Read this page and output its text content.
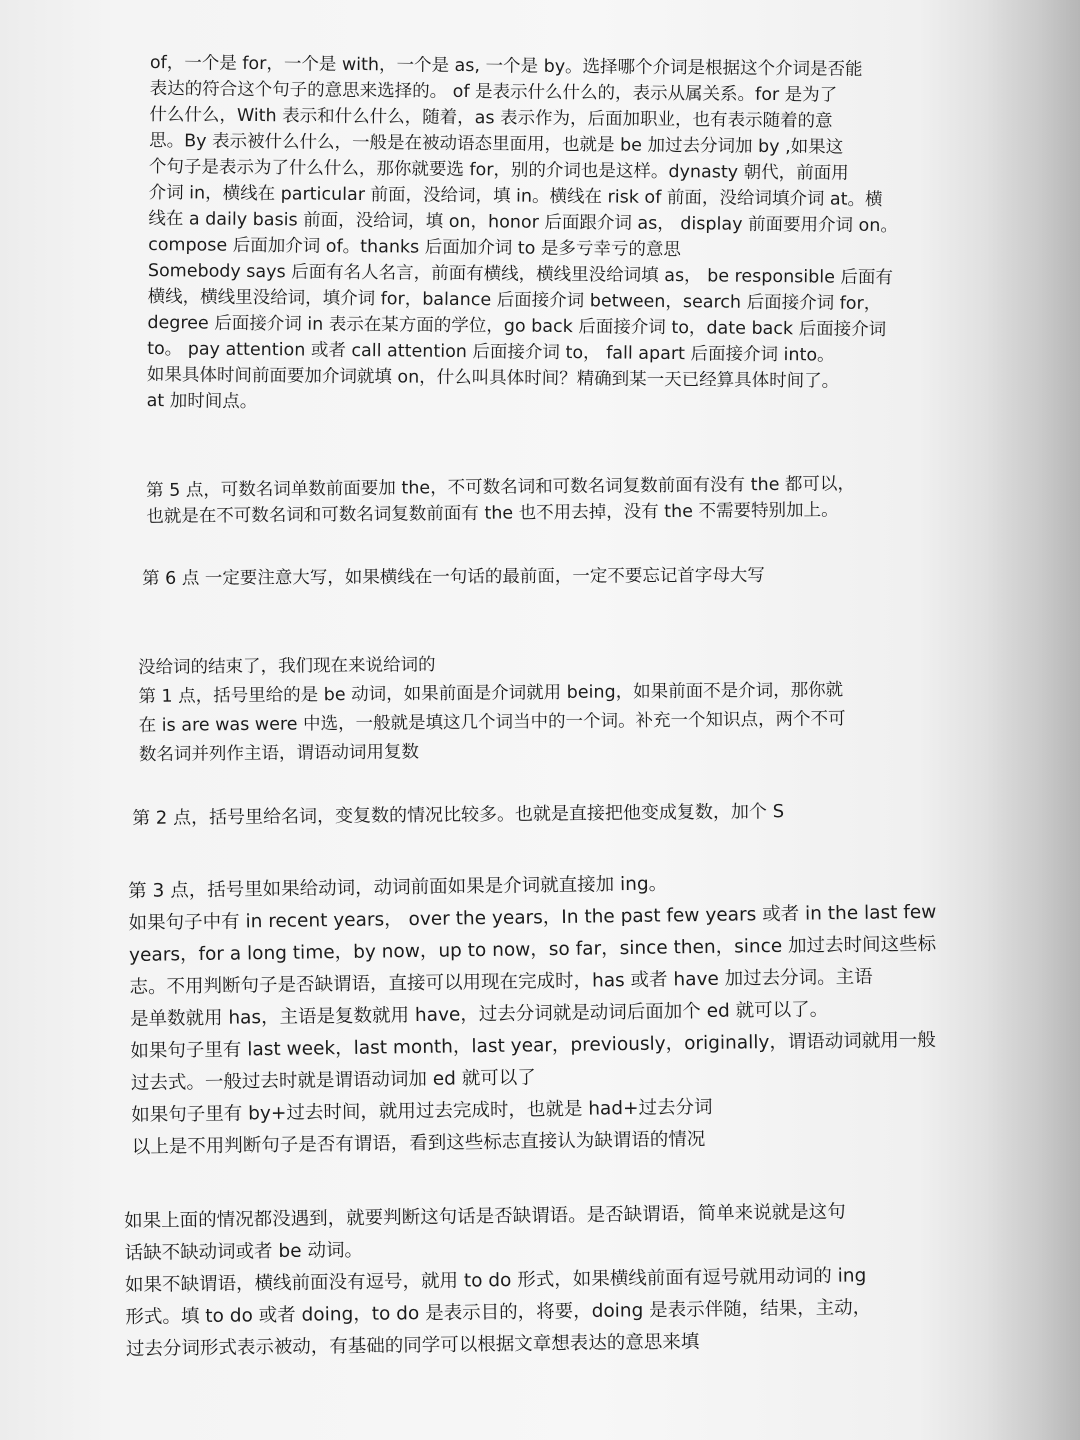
of，一个是 for，一个是 with，一个是 as, 一个是 by。选择哪个介词是根据这个介词是否能
表达的符合这个句子的意思来选择的。 of 是表示什么什么的，表示从属关系。for 是为了
什么什么，With 表示和什么什么，随着，as 表示作为，后面加职业，也有表示随着的意
思。By 表示被什么什么，一般是在被动语态里面用，也就是 be 加过去分词加 by ,如果这
个句子是表示为了什么什么，那你就要选 for，别的介词也是这样。dynasty 朝代，前面用
介词 in，横线在 particular 前面，没给词，填 in。横线在 risk of 前面，没给词填介词 at。横
线在 a daily basis 前面，没给词，填 on，honor 后面跟介词 as， display 前面要用介词 on。
compose 后面加介词 of。thanks 后面加介词 to 是多亏幸亏的意思
Somebody says 后面有名人名言，前面有横线，横线里没给词填 as， be responsible 后面有
横线，横线里没给词，填介词 for，balance 后面接介词 between，search 后面接介词 for，
degree 后面接介词 in 表示在某方面的学位，go back 后面接介词 to，date back 后面接介词
to。 pay attention 或者 call attention 后面接介词 to， fall apart 后面接介词 into。
如果具体时间前面要加介词就填 on，什么叫具体时间？精确到某一天已经算具体时间了。
at 加时间点。

第 5 点，可数名词单数前面要加 the，不可数名词和可数名词复数前面有没有 the 都可以，
也就是在不可数名词和可数名词复数前面有 the 也不用去掉，没有 the 不需要特别加上。

第 6 点 一定要注意大写，如果横线在一句话的最前面，一定不要忘记首字母大写

没给词的结束了，我们现在来说给词的
第 1 点，括号里给的是 be 动词，如果前面是介词就用 being，如果前面不是介词，那你就
在 is are was were 中选，一般就是填这几个词当中的一个词。补充一个知识点，两个不可
数名词并列作主语，谓语动词用复数

第 2 点，括号里给名词，变复数的情况比较多。也就是直接把他变成复数，加个 S

第 3 点，括号里如果给动词，动词前面如果是介词就直接加 ing。
如果句子中有 in recent years， over the years，In the past few years 或者 in the last few
years，for a long time，by now，up to now，so far，since then，since 加过去时间这些标
志。不用判断句子是否缺谓语，直接可以用现在完成时，has 或者 have 加过去分词。主语
是单数就用 has，主语是复数就用 have，过去分词就是动词后面加个 ed 就可以了。
如果句子里有 last week，last month，last year，previously，originally，谓语动词就用一般
过去式。一般过去时就是谓语动词加 ed 就可以了
如果句子里有 by+过去时间，就用过去完成时，也就是 had+过去分词
以上是不用判断句子是否有谓语，看到这些标志直接认为缺谓语的情况

如果上面的情况都没遇到，就要判断这句话是否缺谓语。是否缺谓语，简单来说就是这句
话缺不缺动词或者 be 动词。
如果不缺谓语，横线前面没有逗号，就用 to do 形式，如果横线前面有逗号就用动词的 ing
形式。填 to do 或者 doing，to do 是表示目的，将要，doing 是表示伴随，结果，主动，
过去分词形式表示被动，有基础的同学可以根据文章想表达的意思来填
